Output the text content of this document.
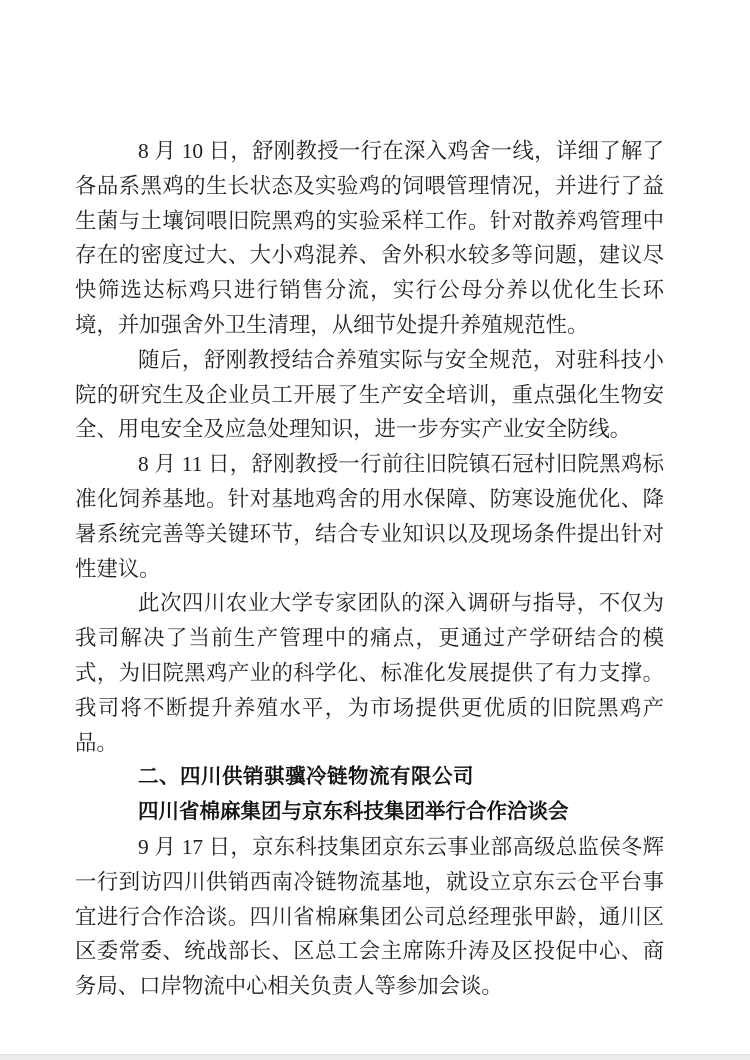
8 月 10 日，舒刚教授一行在深入鸡舍一线，详细了解了各品系黑鸡的生长状态及实验鸡的饲喂管理情况，并进行了益生菌与土壤饲喂旧院黑鸡的实验采样工作。针对散养鸡管理中存在的密度过大、大小鸡混养、舍外积水较多等问题，建议尽快筛选达标鸡只进行销售分流，实行公母分养以优化生长环境，并加强舍外卫生清理，从细节处提升养殖规范性。

随后，舒刚教授结合养殖实际与安全规范，对驻科技小院的研究生及企业员工开展了生产安全培训，重点强化生物安全、用电安全及应急处理知识，进一步夯实产业安全防线。

8 月 11 日，舒刚教授一行前往旧院镇石冠村旧院黑鸡标准化饲养基地。针对基地鸡舍的用水保障、防寒设施优化、降暑系统完善等关键环节，结合专业知识以及现场条件提出针对性建议。

此次四川农业大学专家团队的深入调研与指导，不仅为我司解决了当前生产管理中的痛点，更通过产学研结合的模式，为旧院黑鸡产业的科学化、标准化发展提供了有力支撑。我司将不断提升养殖水平，为市场提供更优质的旧院黑鸡产品。

二、四川供销骐骥冷链物流有限公司

四川省棉麻集团与京东科技集团举行合作洽谈会

9 月 17 日，京东科技集团京东云事业部高级总监侯冬辉一行到访四川供销西南冷链物流基地，就设立京东云仓平台事宜进行合作洽谈。四川省棉麻集团公司总经理张甲龄，通川区区委常委、统战部长、区总工会主席陈升涛及区投促中心、商务局、口岸物流中心相关负责人等参加会谈。
